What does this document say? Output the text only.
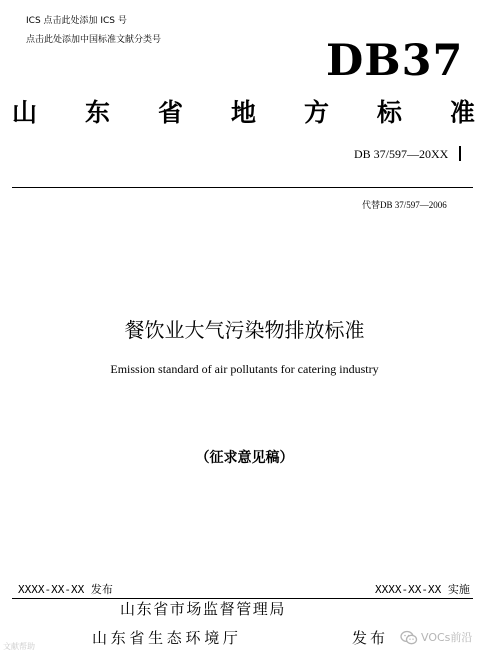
ICS 点击此处添加 ICS 号
点击此处添加中国标准文献分类号	DB37
山 东 省 地 方 标 准
DB 37/597—20XX
代替DB 37/597—2006
餐饮业大气污染物排放标准
Emission standard of air pollutants for catering industry
（征求意见稿）
XXXX-XX-XX 发布	XXXX-XX-XX 实施
山东省市场监督管理局
山东省生态环境厅	发布
文献帮助
VOCs前沿
